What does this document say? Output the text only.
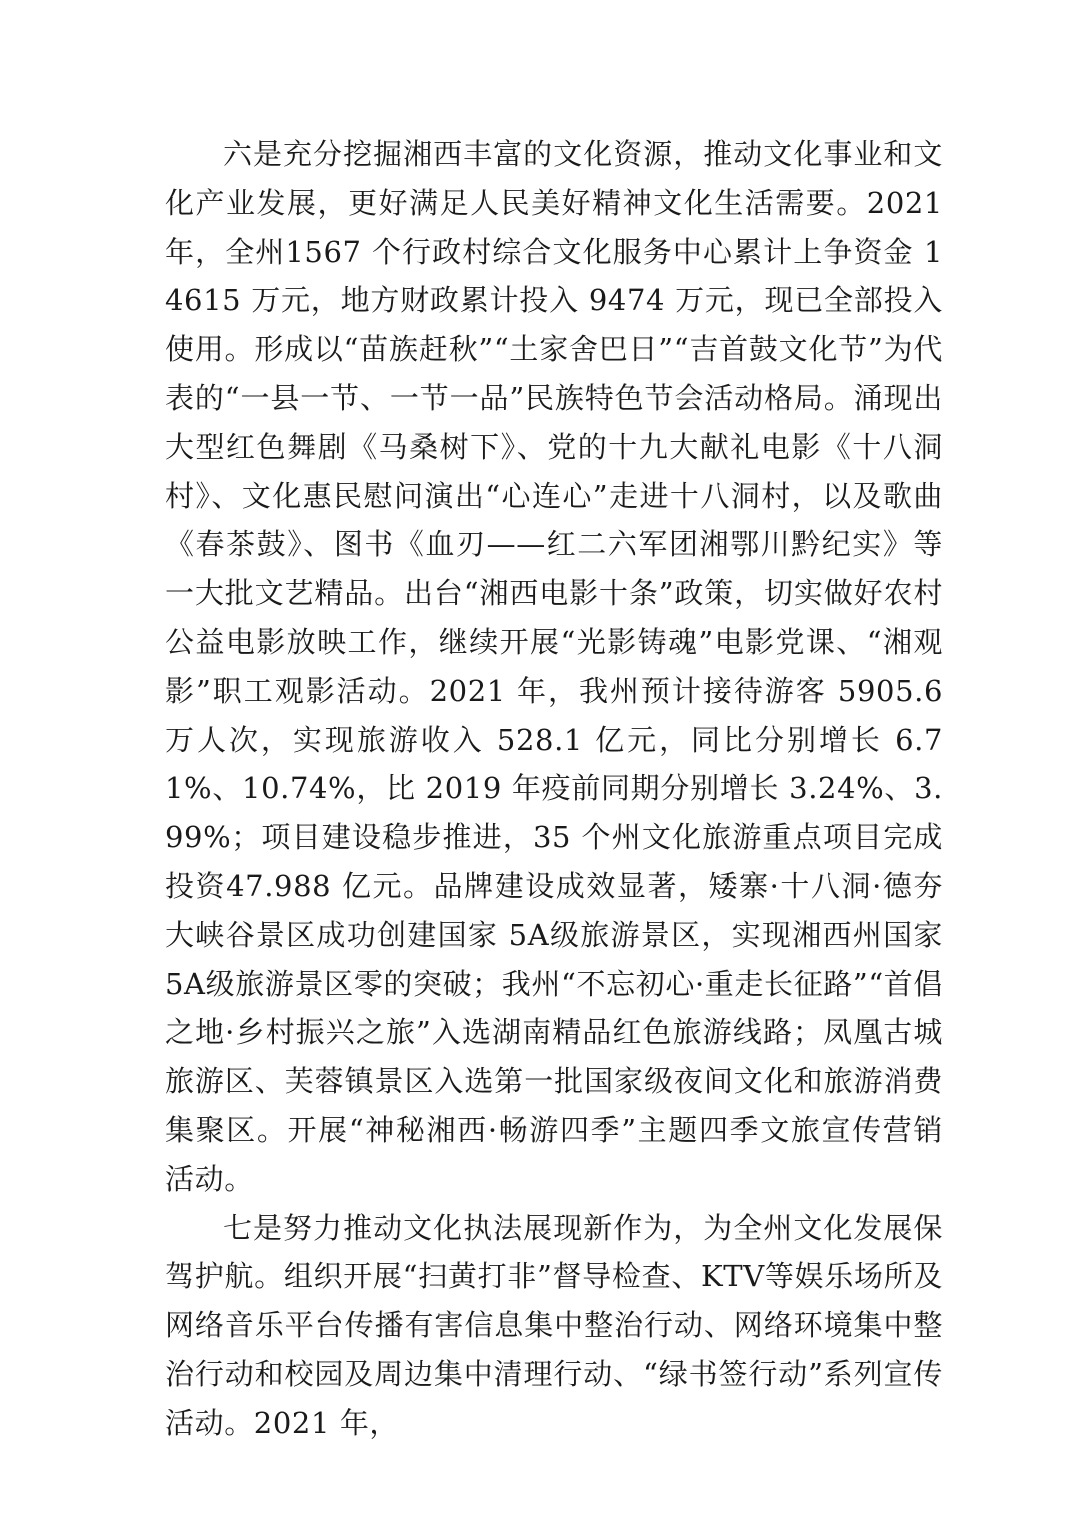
六是充分挖掘湘西丰富的文化资源，推动文化事业和文化产业发展，更好满足人民美好精神文化生活需要。2021 年，全州1567 个行政村综合文化服务中心累计上争资金 14615 万元，地方财政累计投入 9474 万元，现已全部投入使用。形成以“苗族赶秋”“土家舍巴日”“吉首鼓文化节”为代表的“一县一节、一节一品”民族特色节会活动格局。涌现出大型红色舞剧《马桑树下》、党的十九大献礼电影《十八洞村》、文化惠民慰问演出“心连心”走进十八洞村，以及歌曲《春茶鼓》、图书《血刃——红二六军团湘鄂川黔纪实》等一大批文艺精品。出台“湘西电影十条”政策，切实做好农村公益电影放映工作，继续开展“光影铸魂”电影党课、“湘观影”职工观影活动。2021 年，我州预计接待游客 5905.6 万人次，实现旅游收入 528.1 亿元，同比分别增长 6.71%、10.74%，比 2019 年疫前同期分别增长 3.24%、3.99%；项目建设稳步推进，35 个州文化旅游重点项目完成投资47.988 亿元。品牌建设成效显著，矮寨·十八洞·德夯大峡谷景区成功创建国家 5A级旅游景区，实现湘西州国家 5A级旅游景区零的突破；我州“不忘初心·重走长征路”“首倡之地·乡村振兴之旅”入选湖南精品红色旅游线路；凤凰古城旅游区、芙蓉镇景区入选第一批国家级夜间文化和旅游消费集聚区。开展“神秘湘西·畅游四季”主题四季文旅宣传营销活动。

七是努力推动文化执法展现新作为，为全州文化发展保驾护航。组织开展“扫黄打非”督导检查、KTV等娱乐场所及网络音乐平台传播有害信息集中整治行动、网络环境集中整治行动和校园及周边集中清理行动、“绿书签行动”系列宣传活动。2021 年，
